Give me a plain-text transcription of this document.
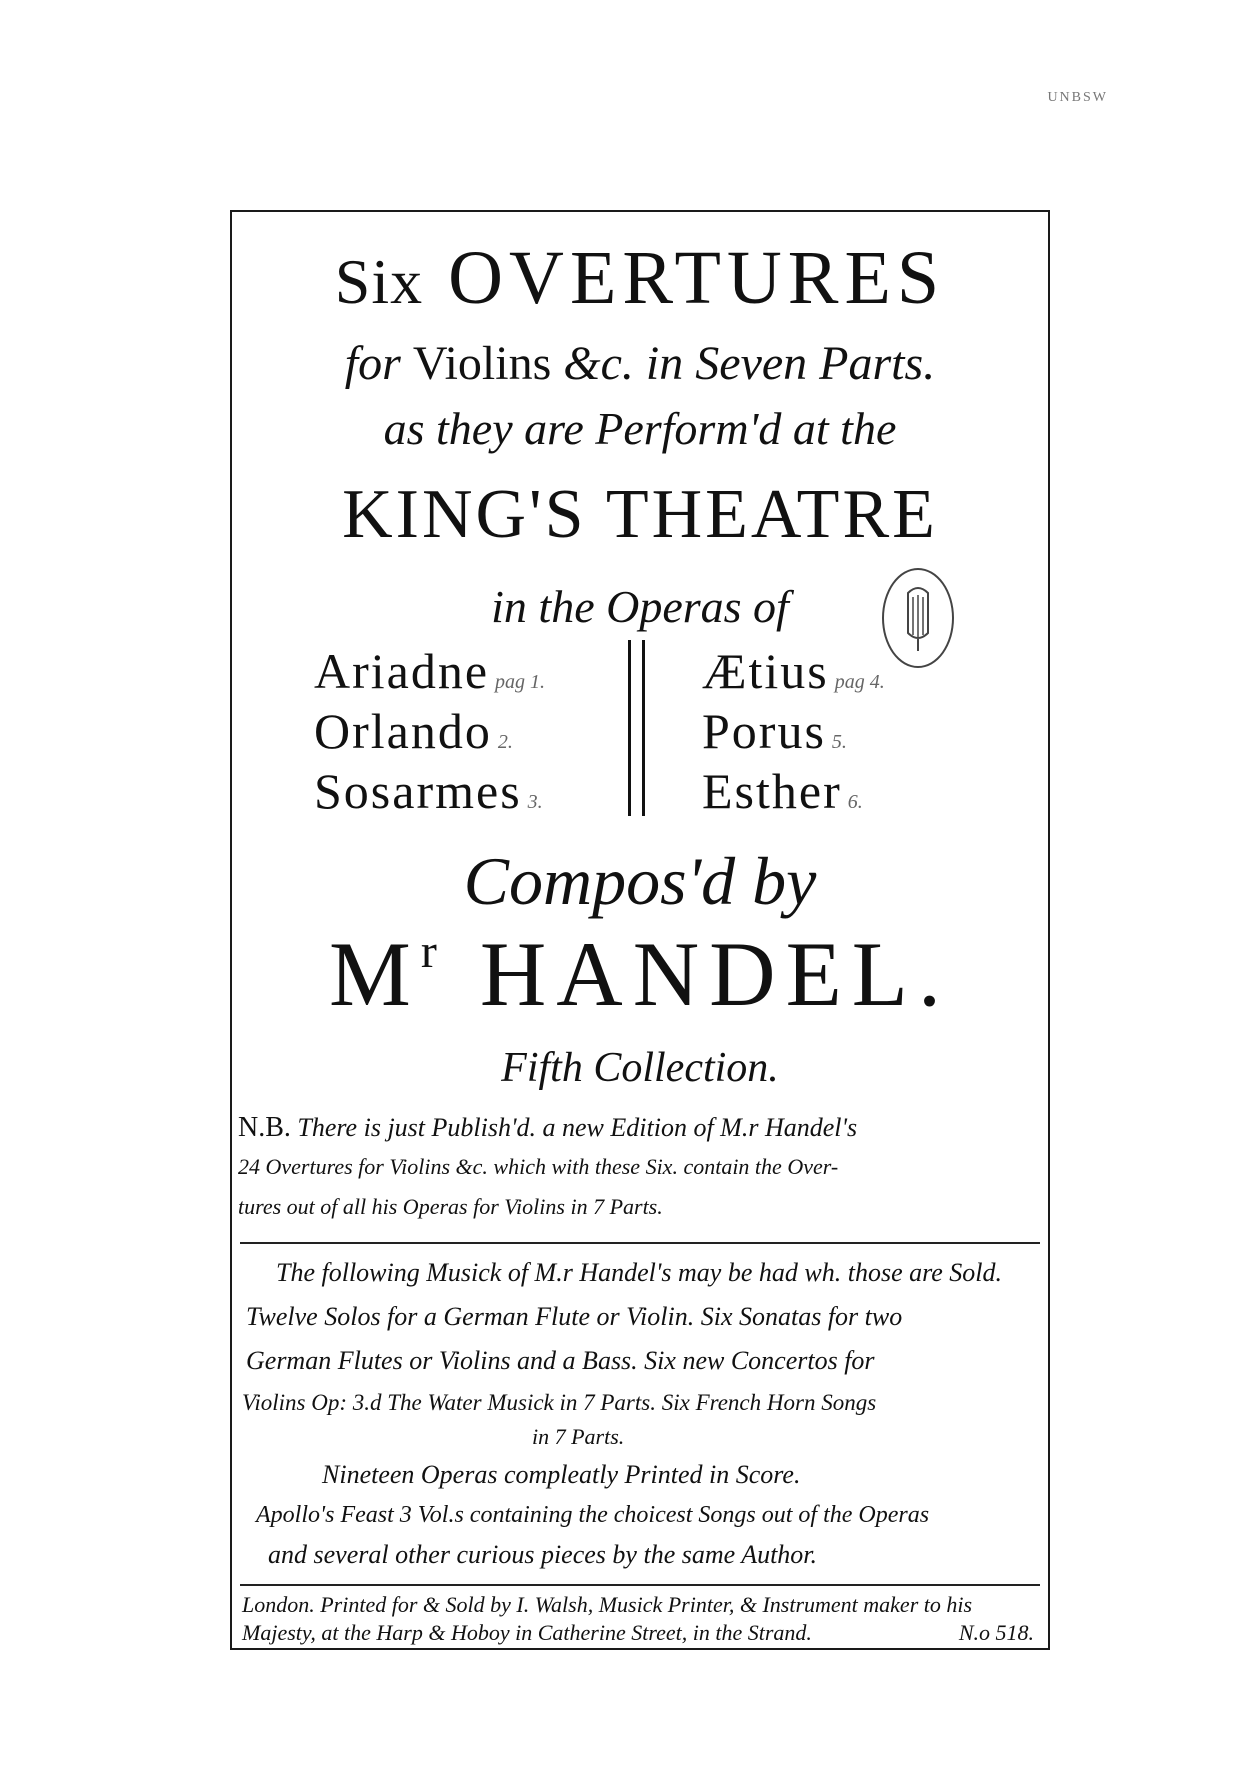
UNBSW
Six OVERTURES
for Violins &c. in Seven Parts.
as they are Perform'd at the
KING'S THEATRE
in the Operas of
Ariadne pag 1.
Orlando 2.
Sosarmes 3.
Ætius pag 4.
Porus 5.
Esther 6.
Compos'd by
$M^r$ HANDEL.
Fifth Collection.
N.B. There is just Publish'd. a new Edition of M.r Handel's
24 Overtures for Violins &c. which with these Six. contain the Over-
tures out of all his Operas for Violins in 7 Parts.
The following Musick of M.r Handel's may be had wh. those are Sold.
Twelve Solos for a German Flute or Violin. Six Sonatas for two
German Flutes or Violins and a Bass. Six new Concertos for
Violins Op: 3.d The Water Musick in 7 Parts. Six French Horn Songs
in 7 Parts.
Nineteen Operas compleatly Printed in Score.
Apollo's Feast 3 Vol.s containing the choicest Songs out of the Operas
and several other curious pieces by the same Author.
London. Printed for & Sold by I. Walsh, Musick Printer, & Instrument maker to his
Majesty, at the Harp & Hoboy in Catherine Street, in the Strand.	N.o 518.
